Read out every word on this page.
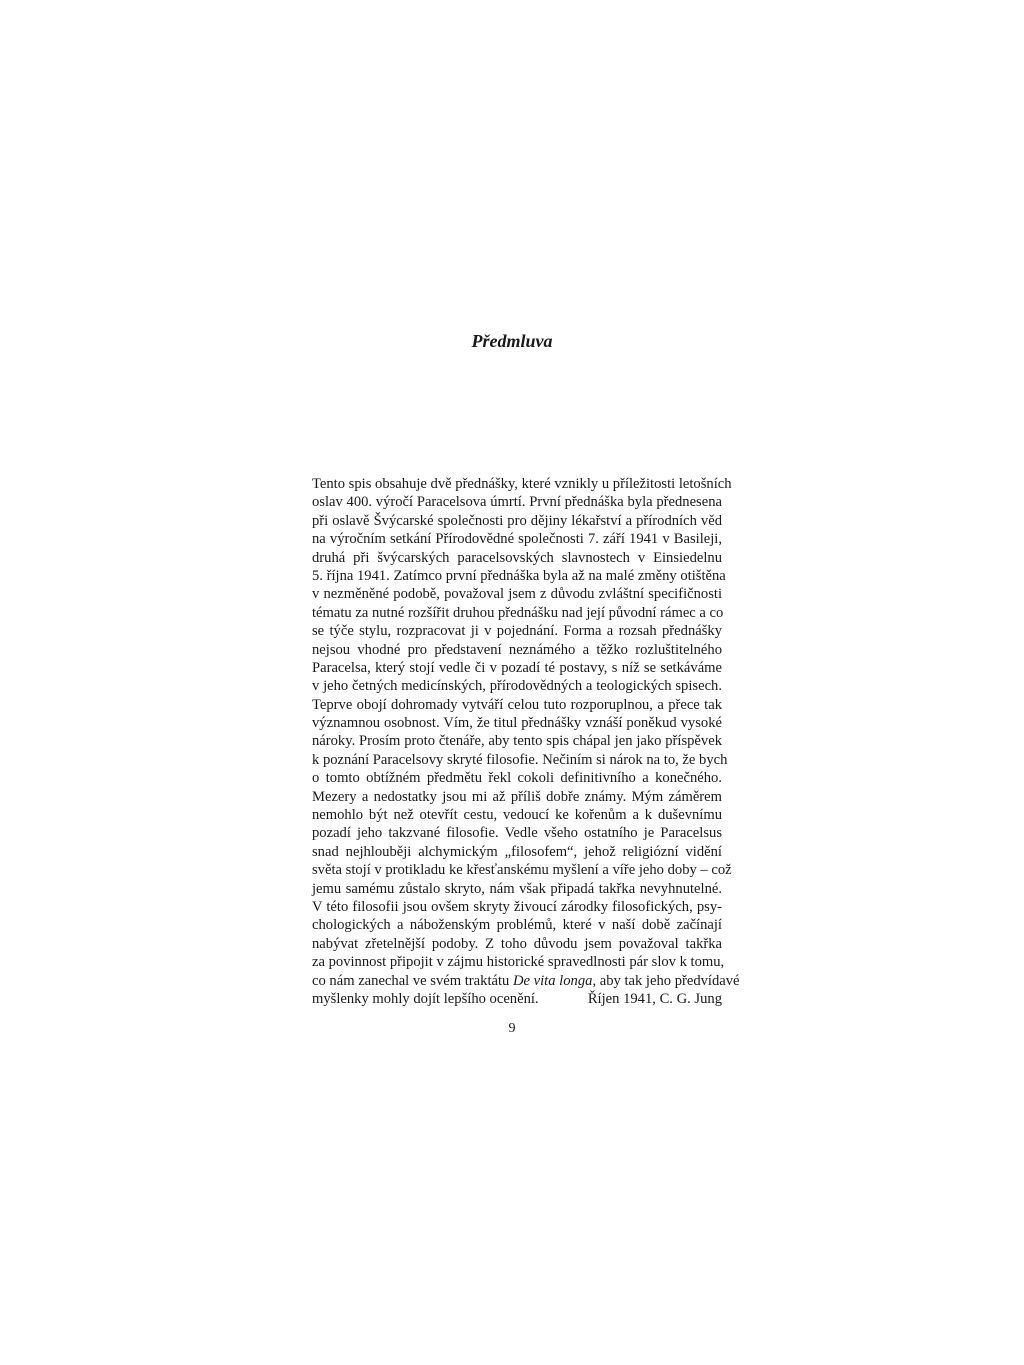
Předmluva
Tento spis obsahuje dvě přednášky, které vznikly u příležitosti letošních
oslav 400. výročí Paracelsova úmrtí. První přednáška byla přednesena
při oslavě Švýcarské společnosti pro dějiny lékařství a přírodních věd
na výročním setkání Přírodovědné společnosti 7. září 1941 v Basileji,
druhá při švýcarských paracelsovských slavnostech v Einsiedelnu
5. října 1941. Zatímco první přednáška byla až na malé změny otištěna
v nezměněné podobě, považoval jsem z důvodu zvláštní specifičnosti
tématu za nutné rozšířit druhou přednášku nad její původní rámec a co
se týče stylu, rozpracovat ji v pojednání. Forma a rozsah přednášky
nejsou vhodné pro představení neznámého a těžko rozluštitelného
Paracelsa, který stojí vedle či v pozadí té postavy, s níž se setkáváme
v jeho četných medicínských, přírodovědných a teologických spisech.
Teprve obojí dohromady vytváří celou tuto rozporuplnou, a přece tak
významnou osobnost. Vím, že titul přednášky vznáší poněkud vysoké
nároky. Prosím proto čtenáře, aby tento spis chápal jen jako příspěvek
k poznání Paracelsovy skryté filosofie. Nečiním si nárok na to, že bych
o tomto obtížném předmětu řekl cokoli definitivního a konečného.
Mezery a nedostatky jsou mi až příliš dobře známy. Mým záměrem
nemohlo být než otevřít cestu, vedoucí ke kořenům a k duševnímu
pozadí jeho takzvané filosofie. Vedle všeho ostatního je Paracelsus
snad nejhlouběji alchymickým „filosofem“, jehož religiózní vidění
světa stojí v protikladu ke křesťanskému myšlení a víře jeho doby – což
jemu samému zůstalo skryto, nám však připadá takřka nevyhnutelné.
V této filosofii jsou ovšem skryty živoucí zárodky filosofických, psy-
chologických a náboženským problémů, které v naší době začínají
nabývat zřetelnější podoby. Z toho důvodu jsem považoval takřka
za povinnost připojit v zájmu historické spravedlnosti pár slov k tomu,
co nám zanechal ve svém traktátu De vita longa, aby tak jeho předvídavé
myšlenky mohly dojít lepšího ocenění.	Říjen 1941, C. G. Jung
9
